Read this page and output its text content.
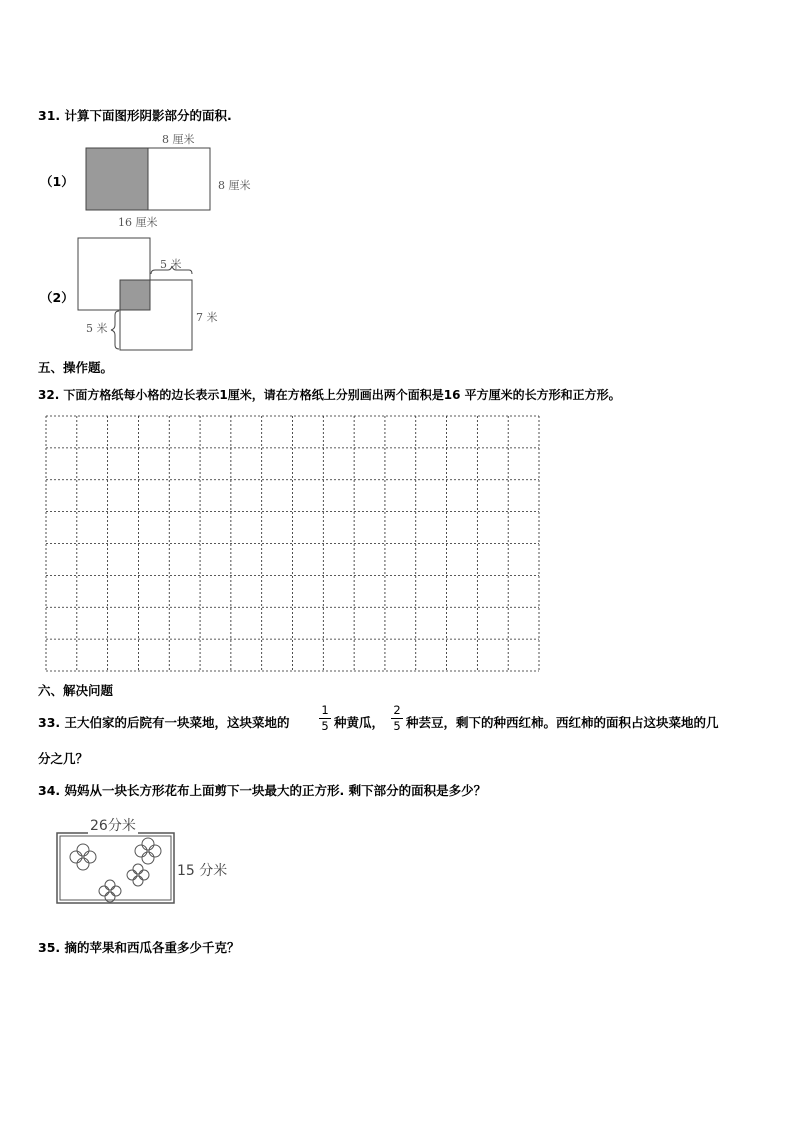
31. 计算下面图形阴影部分的面积.
（1）
8 厘米
8 厘米
16 厘米
（2）
5 米
7 米
5 米
五、操作题。
32. 下面方格纸每小格的边长表示1厘米，请在方格纸上分别画出两个面积是16 平方厘米的长方形和正方形。
六、解决问题
33. 王大伯家的后院有一块菜地，这块菜地的
1
5 种黄瓜，
2
5 种芸豆，剩下的种西红柿。西红柿的面积占这块菜地的几
分之几？
34. 妈妈从一块长方形花布上面剪下一块最大的正方形. 剩下部分的面积是多少？
26分米
15 分米
35. 摘的苹果和西瓜各重多少千克？
